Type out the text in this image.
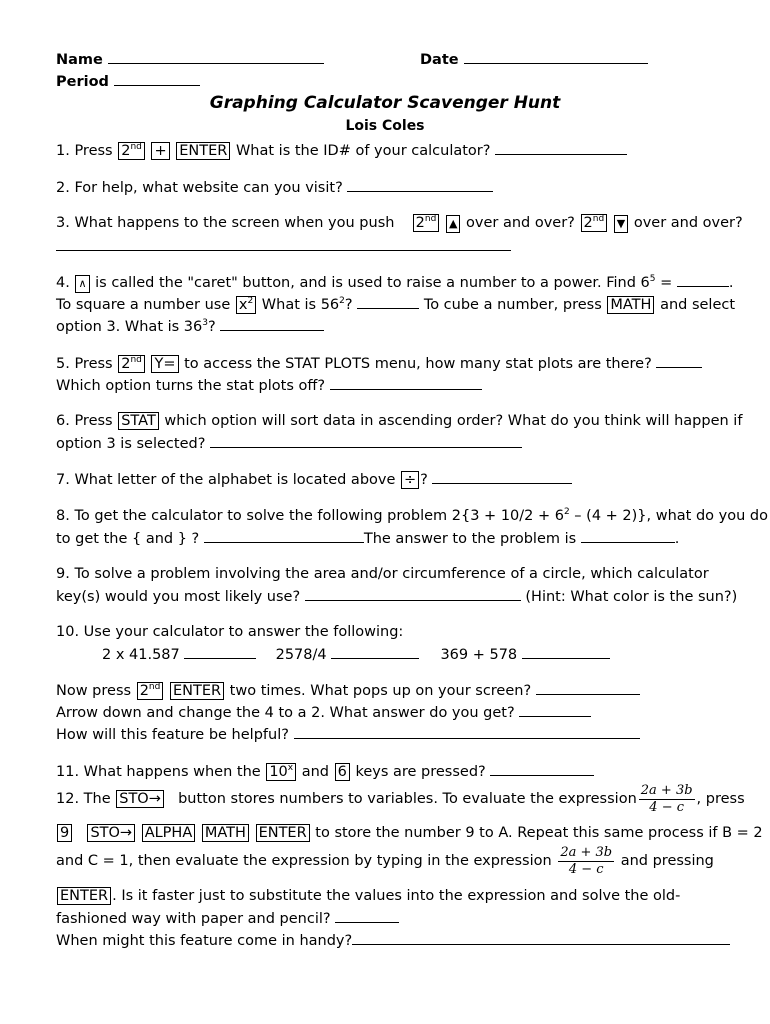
Name	Date
Period
Graphing Calculator Scavenger Hunt
Lois Coles
1. Press 2nd + ENTER What is the ID# of your calculator?
2. For help, what website can you visit?
3. What happens to the screen when you push 2nd ▲ over and over? 2nd ▼ over and over?
4. ∧ is called the "caret" button, and is used to raise a number to a power. Find $6^5$ =	.
To square a number use $x^2$ What is $56^2$?	To cube a number, press MATH and select
option 3. What is $36^3$?
5. Press 2nd Y= to access the STAT PLOTS menu, how many stat plots are there?
Which option turns the stat plots off?
6. Press STAT which option will sort data in ascending order? What do you think will happen if
option 3 is selected?
7. What letter of the alphabet is located above ÷ ?
8. To get the calculator to solve the following problem $2\{3 + 10/2 + 6^2 - (4 + 2)\}$, what do you do
to get the { and } ?	The answer to the problem is	.
9. To solve a problem involving the area and/or circumference of a circle, which calculator
key(s) would you most likely use?	(Hint: What color is the sun?)
10. Use your calculator to answer the following:
2 x 41.587	2578/4	369 + 578
Now press 2nd ENTER two times. What pops up on your screen?
Arrow down and change the 4 to a 2. What answer do you get?
How will this feature be helpful?
11. What happens when the 10$^x$ and 6 keys are pressed?
12. The STO→ button stores numbers to variables. To evaluate the expression $\frac{2a + 3b}{4 - c}$ , press
9 STO→ ALPHA MATH ENTER to store the number 9 to A. Repeat this same process if B = 2
and C = 1, then evaluate the expression by typing in the expression $\frac{2a + 3b}{4 - c}$ and pressing
ENTER . Is it faster just to substitute the values into the expression and solve the old-
fashioned way with paper and pencil?
When might this feature come in handy?
